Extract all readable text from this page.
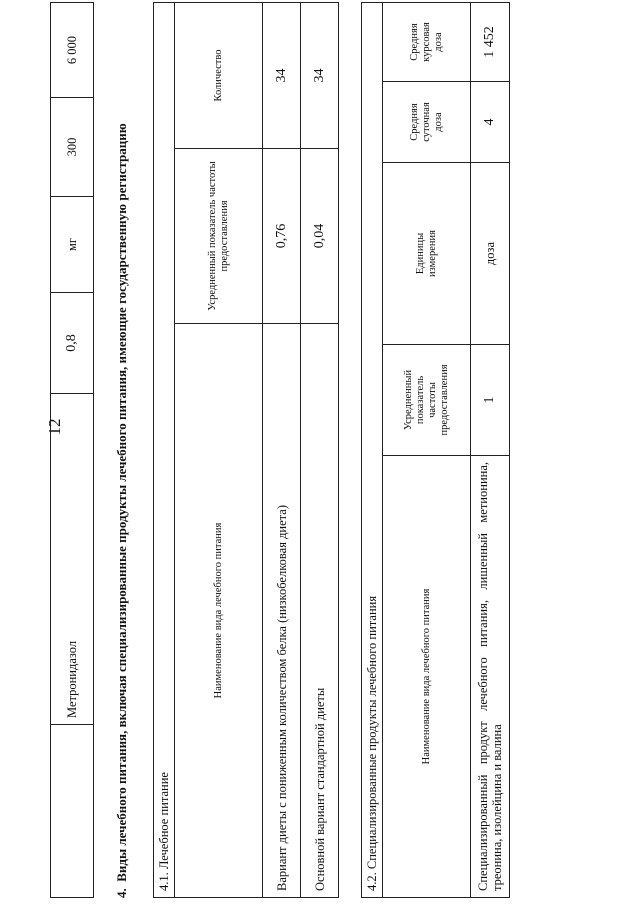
12
Метронидазол
0,8
мг
300
6 000
4.  Виды лечебного питания, включая специализированные продукты лечебного питания, имеющие государственную регистрацию	4.1. Лечебное питание
Наименование вида лечебного питания
Усредненный показатель частоты предоставления
Количество
Вариант диеты с пониженным количеством белка (низкобелковая диета)
0,76
34
Основной вариант стандартной диеты
0,04
34
4.2. Специализированные продукты лечебного питания	Наименование вида лечебного питания
Усредненный показатель частоты предоставления
Единицы измерения
Средняя суточная доза
Средняя курсовая доза
Специализированный продукт лечебного питания, лишенный метионина, треонина, изолейцина и валина
1
доза
4
1 452
